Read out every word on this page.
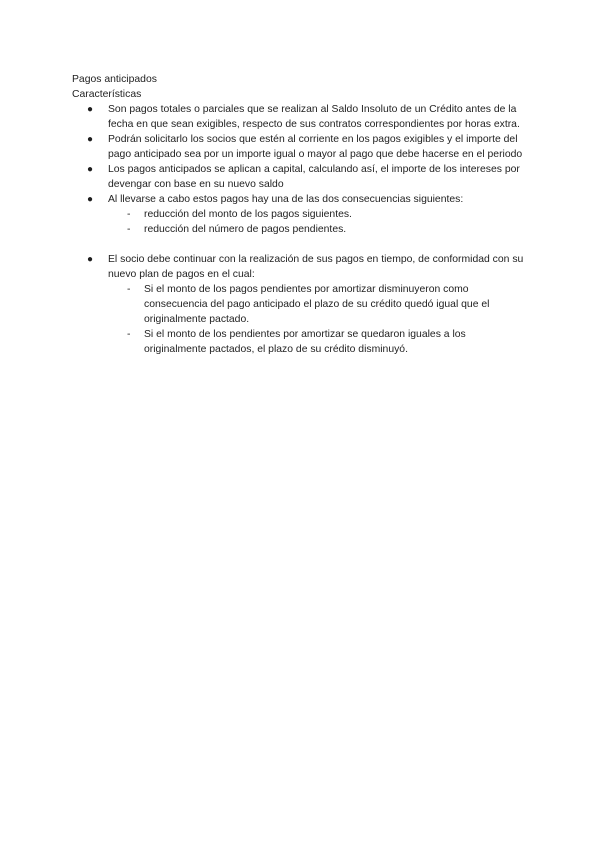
Pagos anticipados

Características

● Son pagos totales o parciales que se realizan al Saldo Insoluto de un Crédito antes de la fecha en que sean exigibles, respecto de sus contratos correspondientes por horas extra.
● Podrán solicitarlo los socios que estén al corriente en los pagos exigibles y el importe del pago anticipado sea por un importe igual o mayor al pago que debe hacerse en el periodo
● Los pagos anticipados se aplican a capital, calculando así, el importe de los intereses por devengar con base en su nuevo saldo
● Al llevarse a cabo estos pagos hay una de las dos consecuencias siguientes:
- reducción del monto de los pagos siguientes.
- reducción del número de pagos pendientes.
● El socio debe continuar con la realización de sus pagos en tiempo, de conformidad con su nuevo plan de pagos en el cual:
- Si el monto de los pagos pendientes por amortizar disminuyeron como consecuencia del pago anticipado el plazo de su crédito quedó igual que el originalmente pactado.
- Si el monto de los pendientes por amortizar se quedaron iguales a los originalmente pactados, el plazo de su crédito disminuyó.
